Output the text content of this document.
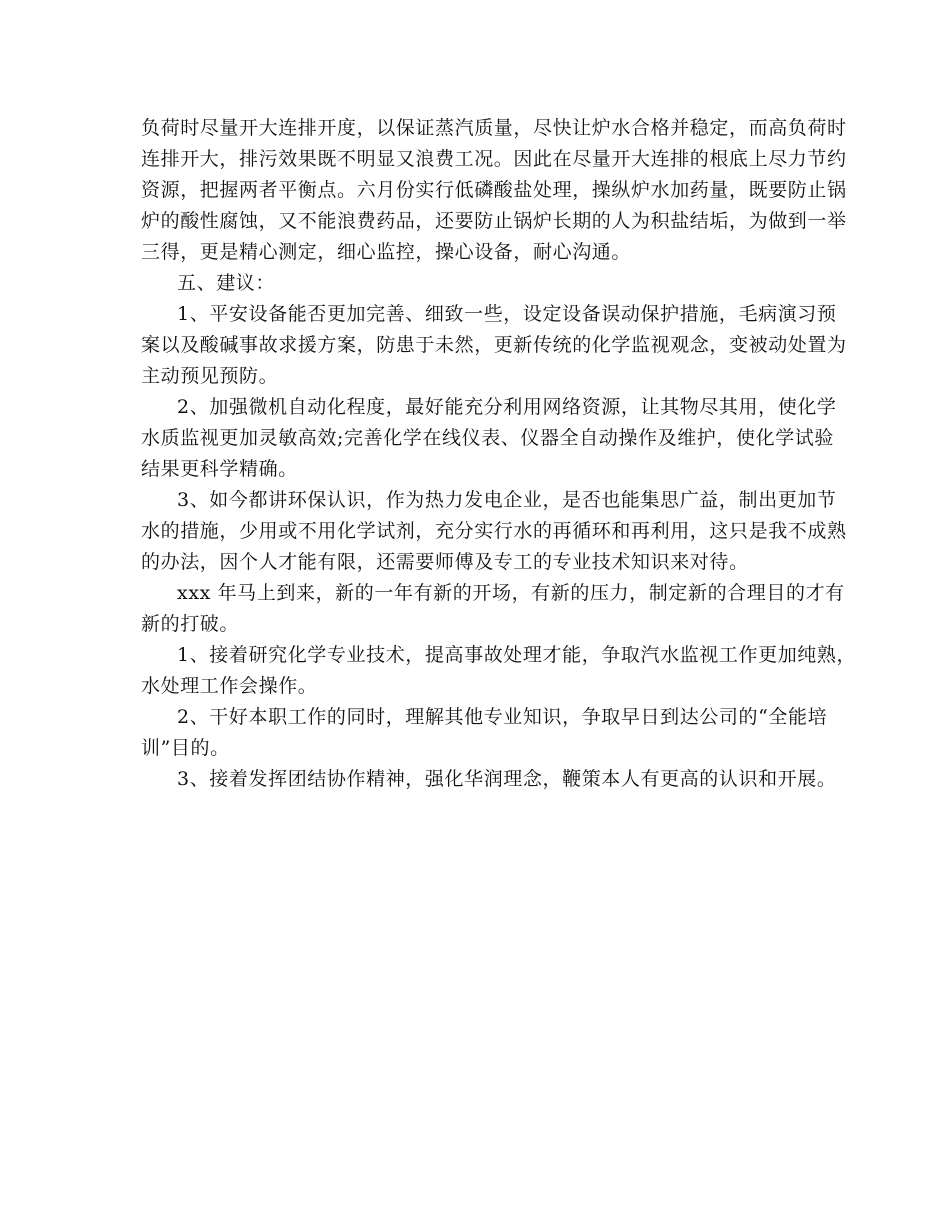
负荷时尽量开大连排开度，以保证蒸汽质量，尽快让炉水合格并稳定，而高负荷时
连排开大，排污效果既不明显又浪费工况。因此在尽量开大连排的根底上尽力节约
资源，把握两者平衡点。六月份实行低磷酸盐处理，操纵炉水加药量，既要防止锅
炉的酸性腐蚀，又不能浪费药品，还要防止锅炉长期的人为积盐结垢，为做到一举
三得，更是精心测定，细心监控，操心设备，耐心沟通。
五、建议：
1、平安设备能否更加完善、细致一些，设定设备误动保护措施，毛病演习预
案以及酸碱事故求援方案，防患于未然，更新传统的化学监视观念，变被动处置为
主动预见预防。
2、加强微机自动化程度，最好能充分利用网络资源，让其物尽其用，使化学
水质监视更加灵敏高效;完善化学在线仪表、仪器全自动操作及维护，使化学试验
结果更科学精确。
3、如今都讲环保认识，作为热力发电企业，是否也能集思广益，制出更加节
水的措施，少用或不用化学试剂，充分实行水的再循环和再利用，这只是我不成熟
的办法，因个人才能有限，还需要师傅及专工的专业技术知识来对待。
xxx 年马上到来，新的一年有新的开场，有新的压力，制定新的合理目的才有
新的打破。
1、接着研究化学专业技术，提高事故处理才能，争取汽水监视工作更加纯熟，
水处理工作会操作。
2、干好本职工作的同时，理解其他专业知识，争取早日到达公司的“全能培
训”目的。
3、接着发挥团结协作精神，强化华润理念，鞭策本人有更高的认识和开展。
